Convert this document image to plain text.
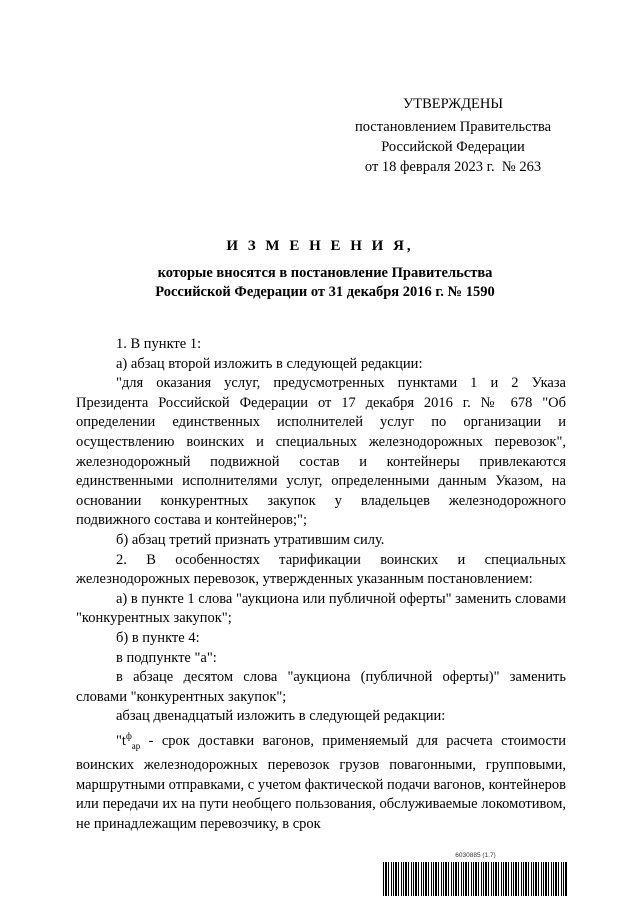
УТВЕРЖДЕНЫ
постановлением Правительства
Российской Федерации
от 18 февраля 2023 г.  № 263
И З М Е Н Е Н И Я,
которые вносятся в постановление Правительства
Российской Федерации от 31 декабря 2016 г. № 1590

1. В пункте 1:

а) абзац второй изложить в следующей редакции:

"для оказания услуг, предусмотренных пунктами 1 и 2 Указа Президента Российской Федерации от 17 декабря 2016 г. № 678 "Об определении единственных исполнителей услуг по организации и осуществлению воинских и специальных железнодорожных перевозок", железнодорожный подвижной состав и контейнеры привлекаются единственными исполнителями услуг, определенными данным Указом, на основании конкурентных закупок у владельцев железнодорожного подвижного состава и контейнеров;";

б) абзац третий признать утратившим силу.

2. В особенностях тарификации воинских и специальных железнодорожных перевозок, утвержденных указанным постановлением:

а) в пункте 1 слова "аукциона или публичной оферты" заменить словами "конкурентных закупок";

б) в пункте 4:

в подпункте "а":

в абзаце десятом слова "аукциона (публичной оферты)" заменить словами "конкурентных закупок";

абзац двенадцатый изложить в следующей редакции:

"$t^ф_{ар}$ - срок доставки вагонов, применяемый для расчета стоимости воинских железнодорожных перевозок грузов повагонными, групповыми, маршрутными отправками, с учетом фактической подачи вагонов, контейнеров или передачи их на пути необщего пользования, обслуживаемые локомотивом, не принадлежащим перевозчику, в срок

6030885 (1.7)
